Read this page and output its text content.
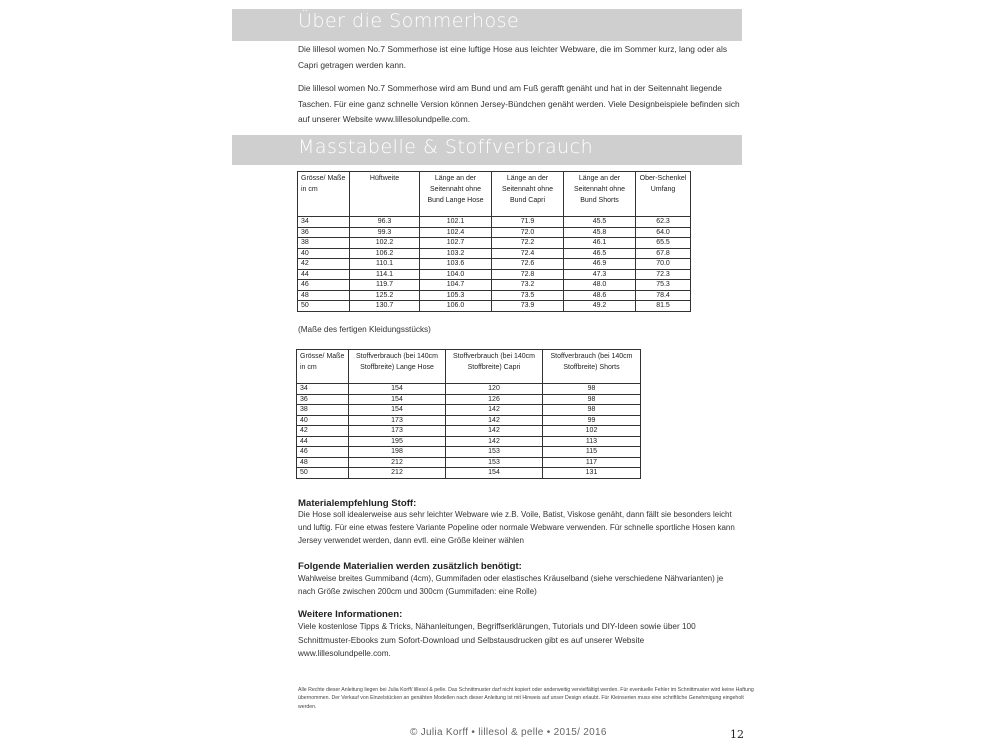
Über die Sommerhose
Die lillesol women No.7 Sommerhose ist eine luftige Hose aus leichter Webware, die im Sommer kurz, lang oder als Capri getragen werden kann.
Die lillesol women No.7 Sommerhose wird am Bund und am Fuß gerafft genäht und hat in der Seitennaht liegende Taschen. Für eine ganz schnelle Version können Jersey-Bündchen genäht werden. Viele Designbeispiele befinden sich auf unserer Website www.lillesolundpelle.com.
Masstabelle & Stoffverbrauch
Grösse/ Maße in cm	Hüftweite	Länge an der Seitennaht ohne Bund Lange Hose	Länge an der Seitennaht ohne Bund Capri	Länge an der Seitennaht ohne Bund Shorts	Ober-Schenkel Umfang
34	96.3	102.1	71.9	45.5	62.3
36	99.3	102.4	72.0	45.8	64.0
38	102.2	102.7	72.2	46.1	65.5
40	106.2	103.2	72.4	46.5	67.8
42	110.1	103.6	72.6	46.9	70.0
44	114.1	104.0	72.8	47.3	72.3
46	119.7	104.7	73.2	48.0	75.3
48	125.2	105.3	73.5	48.6	78.4
50	130.7	106.0	73.9	49.2	81.5
(Maße des fertigen Kleidungsstücks)
Grösse/ Maße in cm	Stoffverbrauch (bei 140cm Stoffbreite) Lange Hose	Stoffverbrauch (bei 140cm Stoffbreite) Capri	Stoffverbrauch (bei 140cm Stoffbreite) Shorts
34	154	120	98
36	154	126	98
38	154	142	98
40	173	142	99
42	173	142	102
44	195	142	113
46	198	153	115
48	212	153	117
50	212	154	131
Materialempfehlung Stoff:
Die Hose soll idealerweise aus sehr leichter Webware wie z.B. Voile, Batist, Viskose genäht, dann fällt sie besonders leicht und luftig. Für eine etwas festere Variante Popeline oder normale Webware verwenden. Für schnelle sportliche Hosen kann Jersey verwendet werden, dann evtl. eine Größe kleiner wählen
Folgende Materialien werden zusätzlich benötigt:
Wahlweise breites Gummiband (4cm), Gummifaden oder elastisches Kräuselband (siehe verschiedene Nähvarianten) je nach Größe zwischen 200cm und 300cm (Gummifaden: eine Rolle)
Weitere Informationen:
Viele kostenlose Tipps & Tricks, Nähanleitungen, Begriffserklärungen, Tutorials und DIY-Ideen sowie über 100 Schnittmuster-Ebooks zum Sofort-Download und Selbstausdrucken gibt es auf unserer Website www.lillesolundpelle.com.
Alle Rechte dieser Anleitung liegen bei Julia Korff/ lillesol & pelle. Das Schnittmuster darf nicht kopiert oder anderweitig vervielfältigt werden. Für eventuelle Fehler im Schnittmuster wird keine Haftung übernommen. Der Verkauf von Einzelstücken an genähten Modellen nach dieser Anleitung ist mit Hinweis auf unser Design erlaubt. Für Kleinserien muss eine schriftliche Genehmigung eingeholt werden.
© Julia Korff • lillesol & pelle • 2015/ 2016	12
